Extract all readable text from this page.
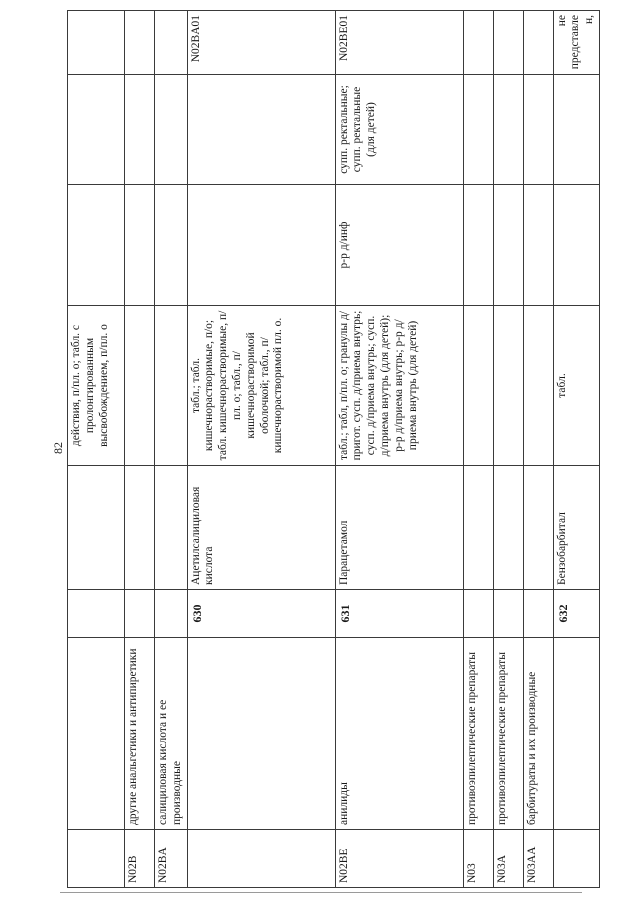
82
				действия, п/пл. о; табл. с пролонгированным высвобождением, п/пл. о			
N02B	другие анальгетики и антипиретики						
N02BA	салициловая кислота и ее производные						
		630	Ацетилсалициловая кислота	табл.; табл. кишечнорастворимые, п/о; табл. кишечнорастворимые, п/пл. о; табл., п/кишечнорастворимой оболочкой; табл., п/кишечнорастворимой пл. о.			N02BA01
N02BE	анилиды	631	Парацетамол	табл.; табл, п/пл. о; гранулы д/пригот. сусп. д/приема внутрь; сусп. д/приема внутрь; сусп. д/приема внутрь (для детей); р-р д/приема внутрь; р-р д/приема внутрь (для детей)	р-р д/инф	супп. ректальные; супп. ректальные (для детей)	N02BE01
N03	противоэпилептические препараты						
N03A	противоэпилептические препараты						
N03AA	барбитураты и их производные						
		632	Бензобарбитал	табл.			не представлен,
